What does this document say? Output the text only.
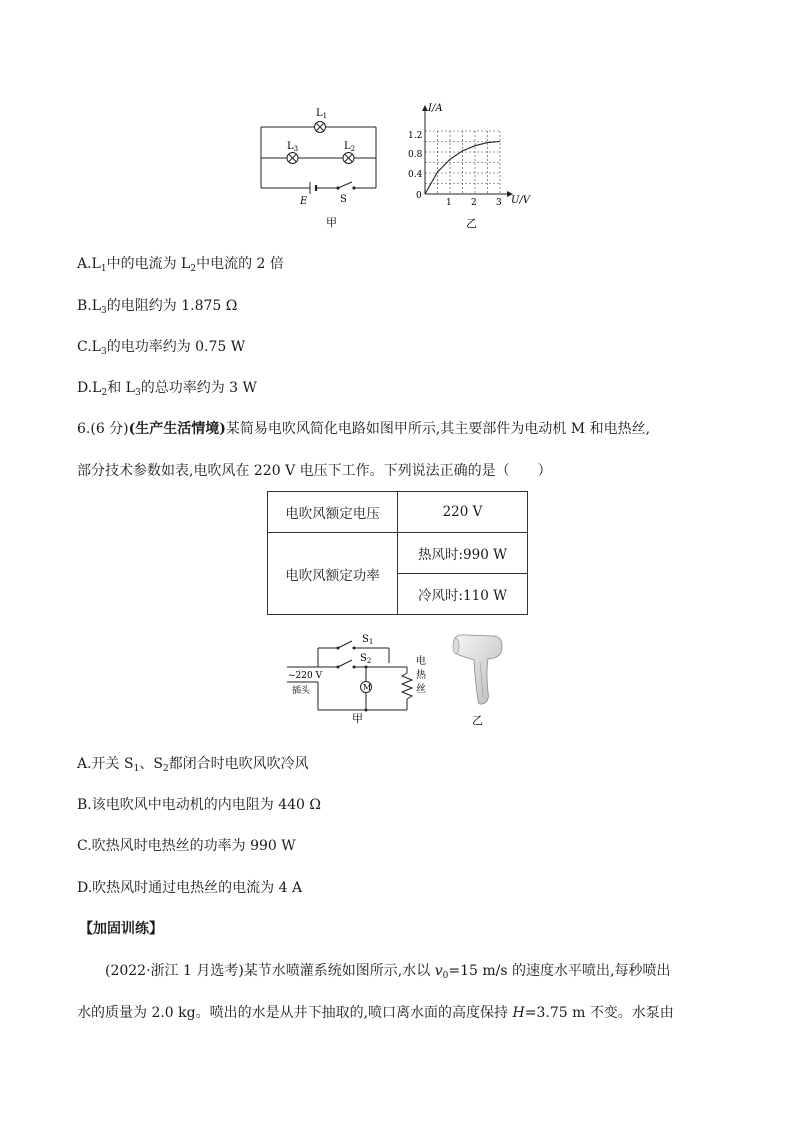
$L_1$
$L_3$	$L_2$
E	S
甲
I/A
U/V
0
1.2
0.8
0.4
1 2 3
乙
$A.L_1$中的电流为 $L_2$中电流的 2 倍
$B.L_3$的电阻约为 1.875 Ω
$C.L_3$的电功率约为 0.75 W
$D.L_2$和 $L_3$的总功率约为 3 W
6.(6 分)(生产生活情境)某简易电吹风简化电路如图甲所示,其主要部件为电动机 M 和电热丝,
部分技术参数如表,电吹风在 220 V 电压下工作。下列说法正确的是（　　）
电吹风额定电压	220 V
电吹风额定功率	热风时:990 W
	冷风时:110 W
M
$S_1$
$S_2$
~220 V
插头
电
热
丝
甲	乙
A.开关 $S_1$、$S_2$都闭合时电吹风吹冷风
B.该电吹风中电动机的内电阻为 440 Ω
C.吹热风时电热丝的功率为 990 W
D.吹热风时通过电热丝的电流为 4 A
【加固训练】
(2022·浙江 1 月选考)某节水喷灌系统如图所示,水以 $v_0=15$ m/s 的速度水平喷出,每秒喷出
水的质量为 2.0 kg。喷出的水是从井下抽取的,喷口离水面的高度保持 H=3.75 m 不变。水泵由
